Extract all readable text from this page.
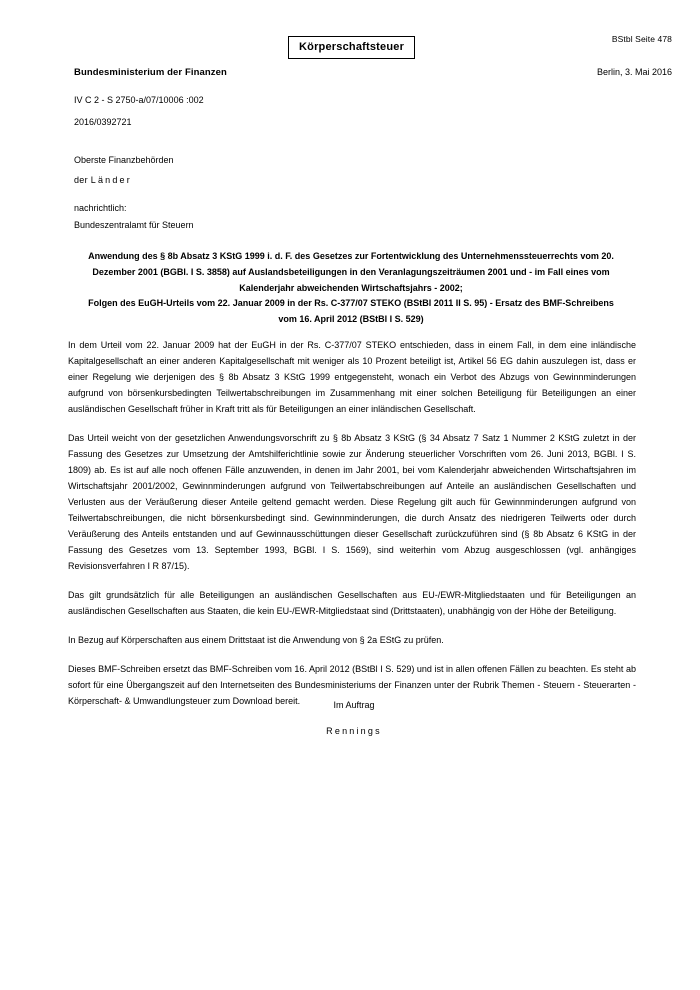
BStbl Seite 478
Körperschaftsteuer
Bundesministerium der Finanzen	Berlin, 3. Mai 2016
IV C 2 - S 2750-a/07/10006 :002
2016/0392721
Oberste Finanzbehörden
der Länder
nachrichtlich:
Bundeszentralamt für Steuern
Anwendung des § 8b Absatz 3 KStG 1999 i. d. F. des Gesetzes zur Fortentwicklung des Unternehmenssteuerrechts vom 20.
Dezember 2001 (BGBl. I S. 3858) auf Auslandsbeteiligungen in den Veranlagungszeiträumen 2001 und - im Fall eines vom
Kalenderjahr abweichenden Wirtschaftsjahrs - 2002;
Folgen des EuGH-Urteils vom 22. Januar 2009 in der Rs. C-377/07 STEKO (BStBl 2011 II S. 95) - Ersatz des BMF-Schreibens
vom 16. April 2012 (BStBl I S. 529)

In dem Urteil vom 22. Januar 2009 hat der EuGH in der Rs. C-377/07 STEKO entschieden, dass in einem Fall, in dem eine inländische Kapitalgesellschaft an einer anderen Kapitalgesellschaft mit weniger als 10 Prozent beteiligt ist, Artikel 56 EG dahin auszulegen ist, dass er einer Regelung wie derjenigen des § 8b Absatz 3 KStG 1999 entgegensteht, wonach ein Verbot des Abzugs von Gewinnminderungen aufgrund von börsenkursbedingten Teilwertabschreibungen im Zusammenhang mit einer solchen Beteiligung für Beteiligungen an einer ausländischen Gesellschaft früher in Kraft tritt als für Beteiligungen an einer inländischen Gesellschaft.

Das Urteil weicht von der gesetzlichen Anwendungsvorschrift zu § 8b Absatz 3 KStG (§ 34 Absatz 7 Satz 1 Nummer 2 KStG zuletzt in der Fassung des Gesetzes zur Umsetzung der Amtshilferichtlinie sowie zur Änderung steuerlicher Vorschriften vom 26. Juni 2013, BGBl. I S. 1809) ab. Es ist auf alle noch offenen Fälle anzuwenden, in denen im Jahr 2001, bei vom Kalenderjahr abweichenden Wirtschaftsjahren im Wirtschaftsjahr 2001/2002, Gewinnminderungen aufgrund von Teilwertabschreibungen auf Anteile an ausländischen Gesellschaften und Verlusten aus der Veräußerung dieser Anteile geltend gemacht werden. Diese Regelung gilt auch für Gewinnminderungen aufgrund von Teilwertabschreibungen, die nicht börsenkursbedingt sind. Gewinnminderungen, die durch Ansatz des niedrigeren Teilwerts oder durch Veräußerung des Anteils entstanden und auf Gewinnausschüttungen dieser Gesellschaft zurückzuführen sind (§ 8b Absatz 6 KStG in der Fassung des Gesetzes vom 13. September 1993, BGBl. I S. 1569), sind weiterhin vom Abzug ausgeschlossen (vgl. anhängiges Revisionsverfahren I R 87/15).

Das gilt grundsätzlich für alle Beteiligungen an ausländischen Gesellschaften aus EU-/EWR-Mitgliedstaaten und für Beteiligungen an ausländischen Gesellschaften aus Staaten, die kein EU-/EWR-Mitgliedstaat sind (Drittstaaten), unabhängig von der Höhe der Beteiligung.

In Bezug auf Körperschaften aus einem Drittstaat ist die Anwendung von § 2a EStG zu prüfen.

Dieses BMF-Schreiben ersetzt das BMF-Schreiben vom 16. April 2012 (BStBl I S. 529) und ist in allen offenen Fällen zu beachten. Es steht ab sofort für eine Übergangszeit auf den Internetseiten des Bundesministeriums der Finanzen unter der Rubrik Themen - Steuern - Steuerarten - Körperschaft- & Umwandlungsteuer zum Download bereit.	Im Auftrag
Rennings
